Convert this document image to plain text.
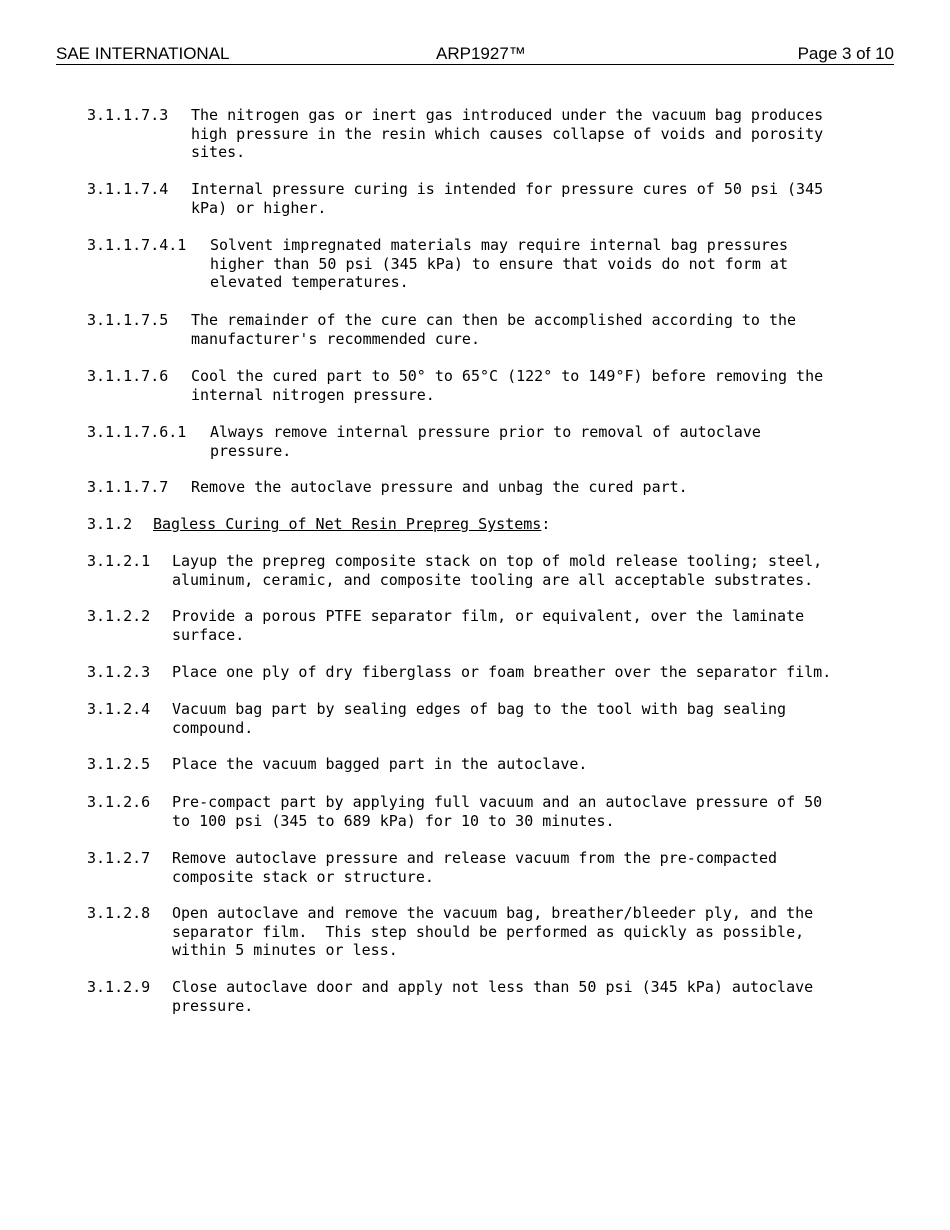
SAE INTERNATIONAL	ARP1927™	Page 3 of 10
3.1.1.7.3 The nitrogen gas or inert gas introduced under the vacuum bag produces
high pressure in the resin which causes collapse of voids and porosity
sites.
3.1.1.7.4 Internal pressure curing is intended for pressure cures of 50 psi (345
kPa) or higher.
3.1.1.7.4.1 Solvent impregnated materials may require internal bag pressures
higher than 50 psi (345 kPa) to ensure that voids do not form at
elevated temperatures.
3.1.1.7.5 The remainder of the cure can then be accomplished according to the
manufacturer's recommended cure.
3.1.1.7.6 Cool the cured part to 50° to 65°C (122° to 149°F) before removing the
internal nitrogen pressure.
3.1.1.7.6.1 Always remove internal pressure prior to removal of autoclave
pressure.
3.1.1.7.7 Remove the autoclave pressure and unbag the cured part.
3.1.2 Bagless Curing of Net Resin Prepreg Systems:
3.1.2.1 Layup the prepreg composite stack on top of mold release tooling; steel,
aluminum, ceramic, and composite tooling are all acceptable substrates.
3.1.2.2 Provide a porous PTFE separator film, or equivalent, over the laminate
surface.
3.1.2.3 Place one ply of dry fiberglass or foam breather over the separator film.
3.1.2.4 Vacuum bag part by sealing edges of bag to the tool with bag sealing
compound.
3.1.2.5 Place the vacuum bagged part in the autoclave.
3.1.2.6 Pre-compact part by applying full vacuum and an autoclave pressure of 50
to 100 psi (345 to 689 kPa) for 10 to 30 minutes.
3.1.2.7 Remove autoclave pressure and release vacuum from the pre-compacted
composite stack or structure.
3.1.2.8 Open autoclave and remove the vacuum bag, breather/bleeder ply, and the
separator film.  This step should be performed as quickly as possible,
within 5 minutes or less.
3.1.2.9 Close autoclave door and apply not less than 50 psi (345 kPa) autoclave
pressure.
